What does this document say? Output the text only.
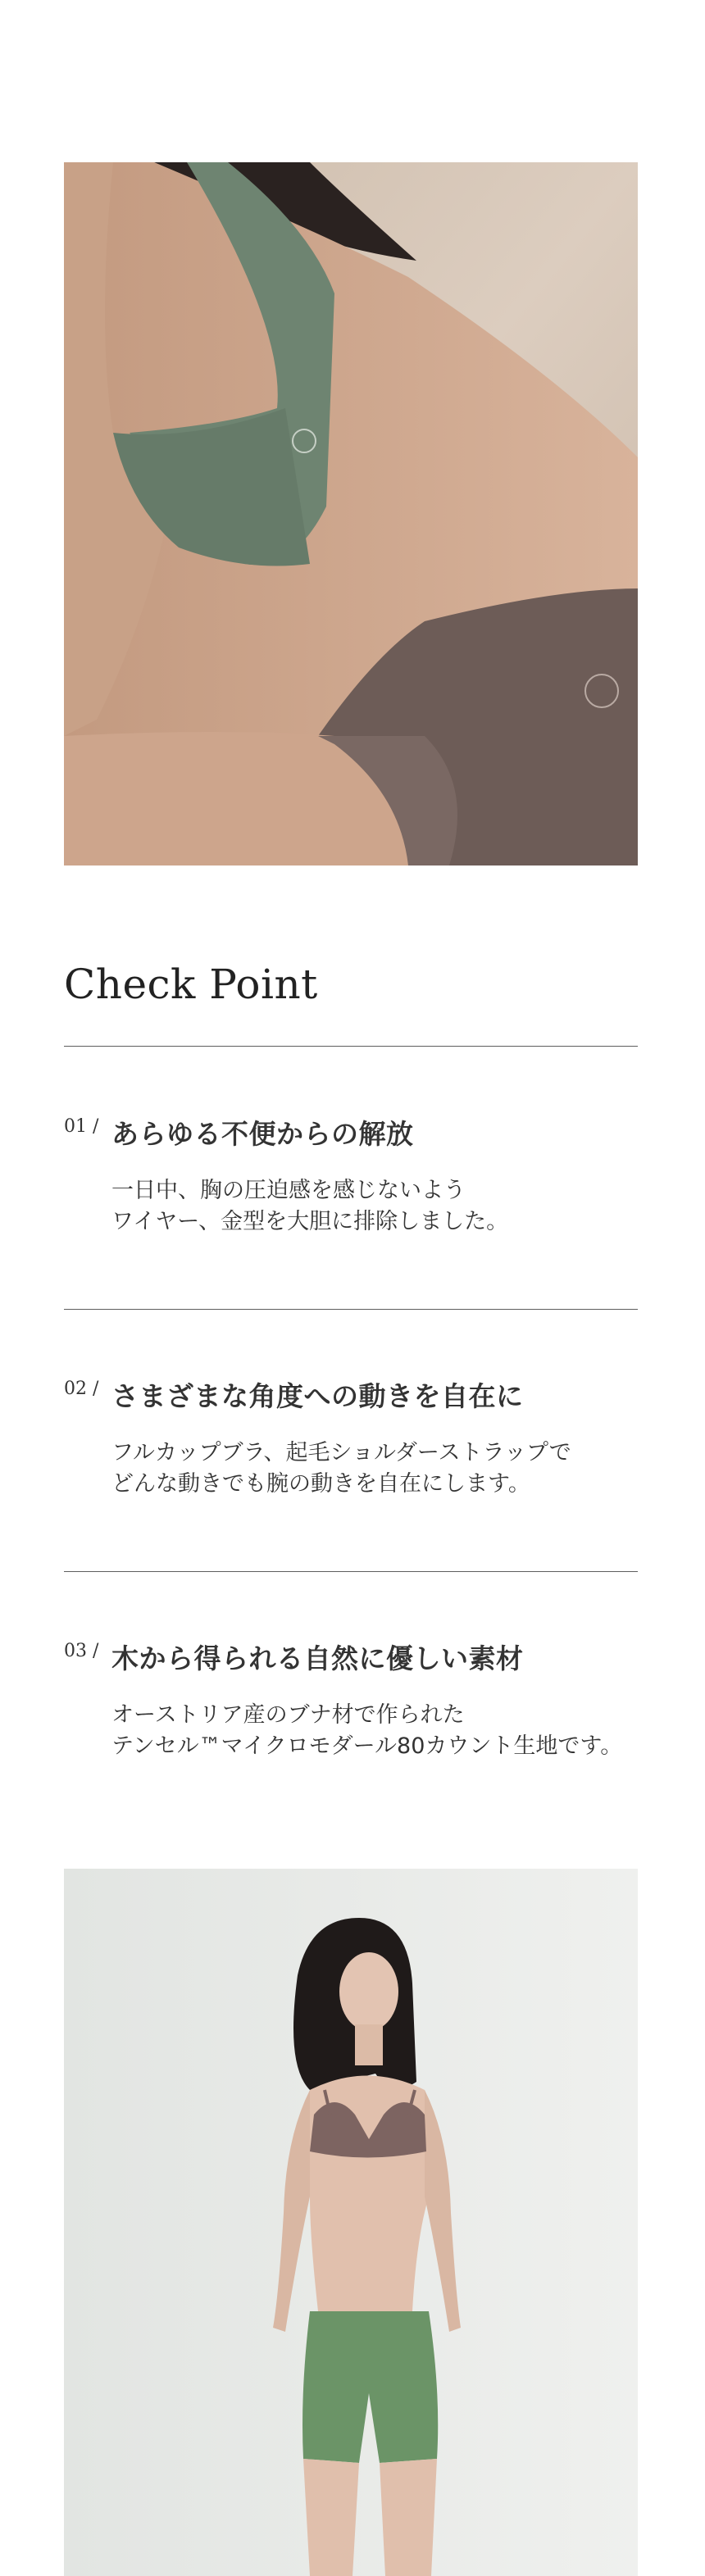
Check Point
01 / あらゆる不便からの解放
一日中、胸の圧迫感を感じないよう
ワイヤー、金型を大胆に排除しました。
02 / さまざまな角度への動きを自在に
フルカップブラ、起毛ショルダーストラップで
どんな動きでも腕の動きを自在にします。
03 / 木から得られる自然に優しい素材
オーストリア産のブナ材で作られた
テンセル™マイクロモダール80カウント生地です。
